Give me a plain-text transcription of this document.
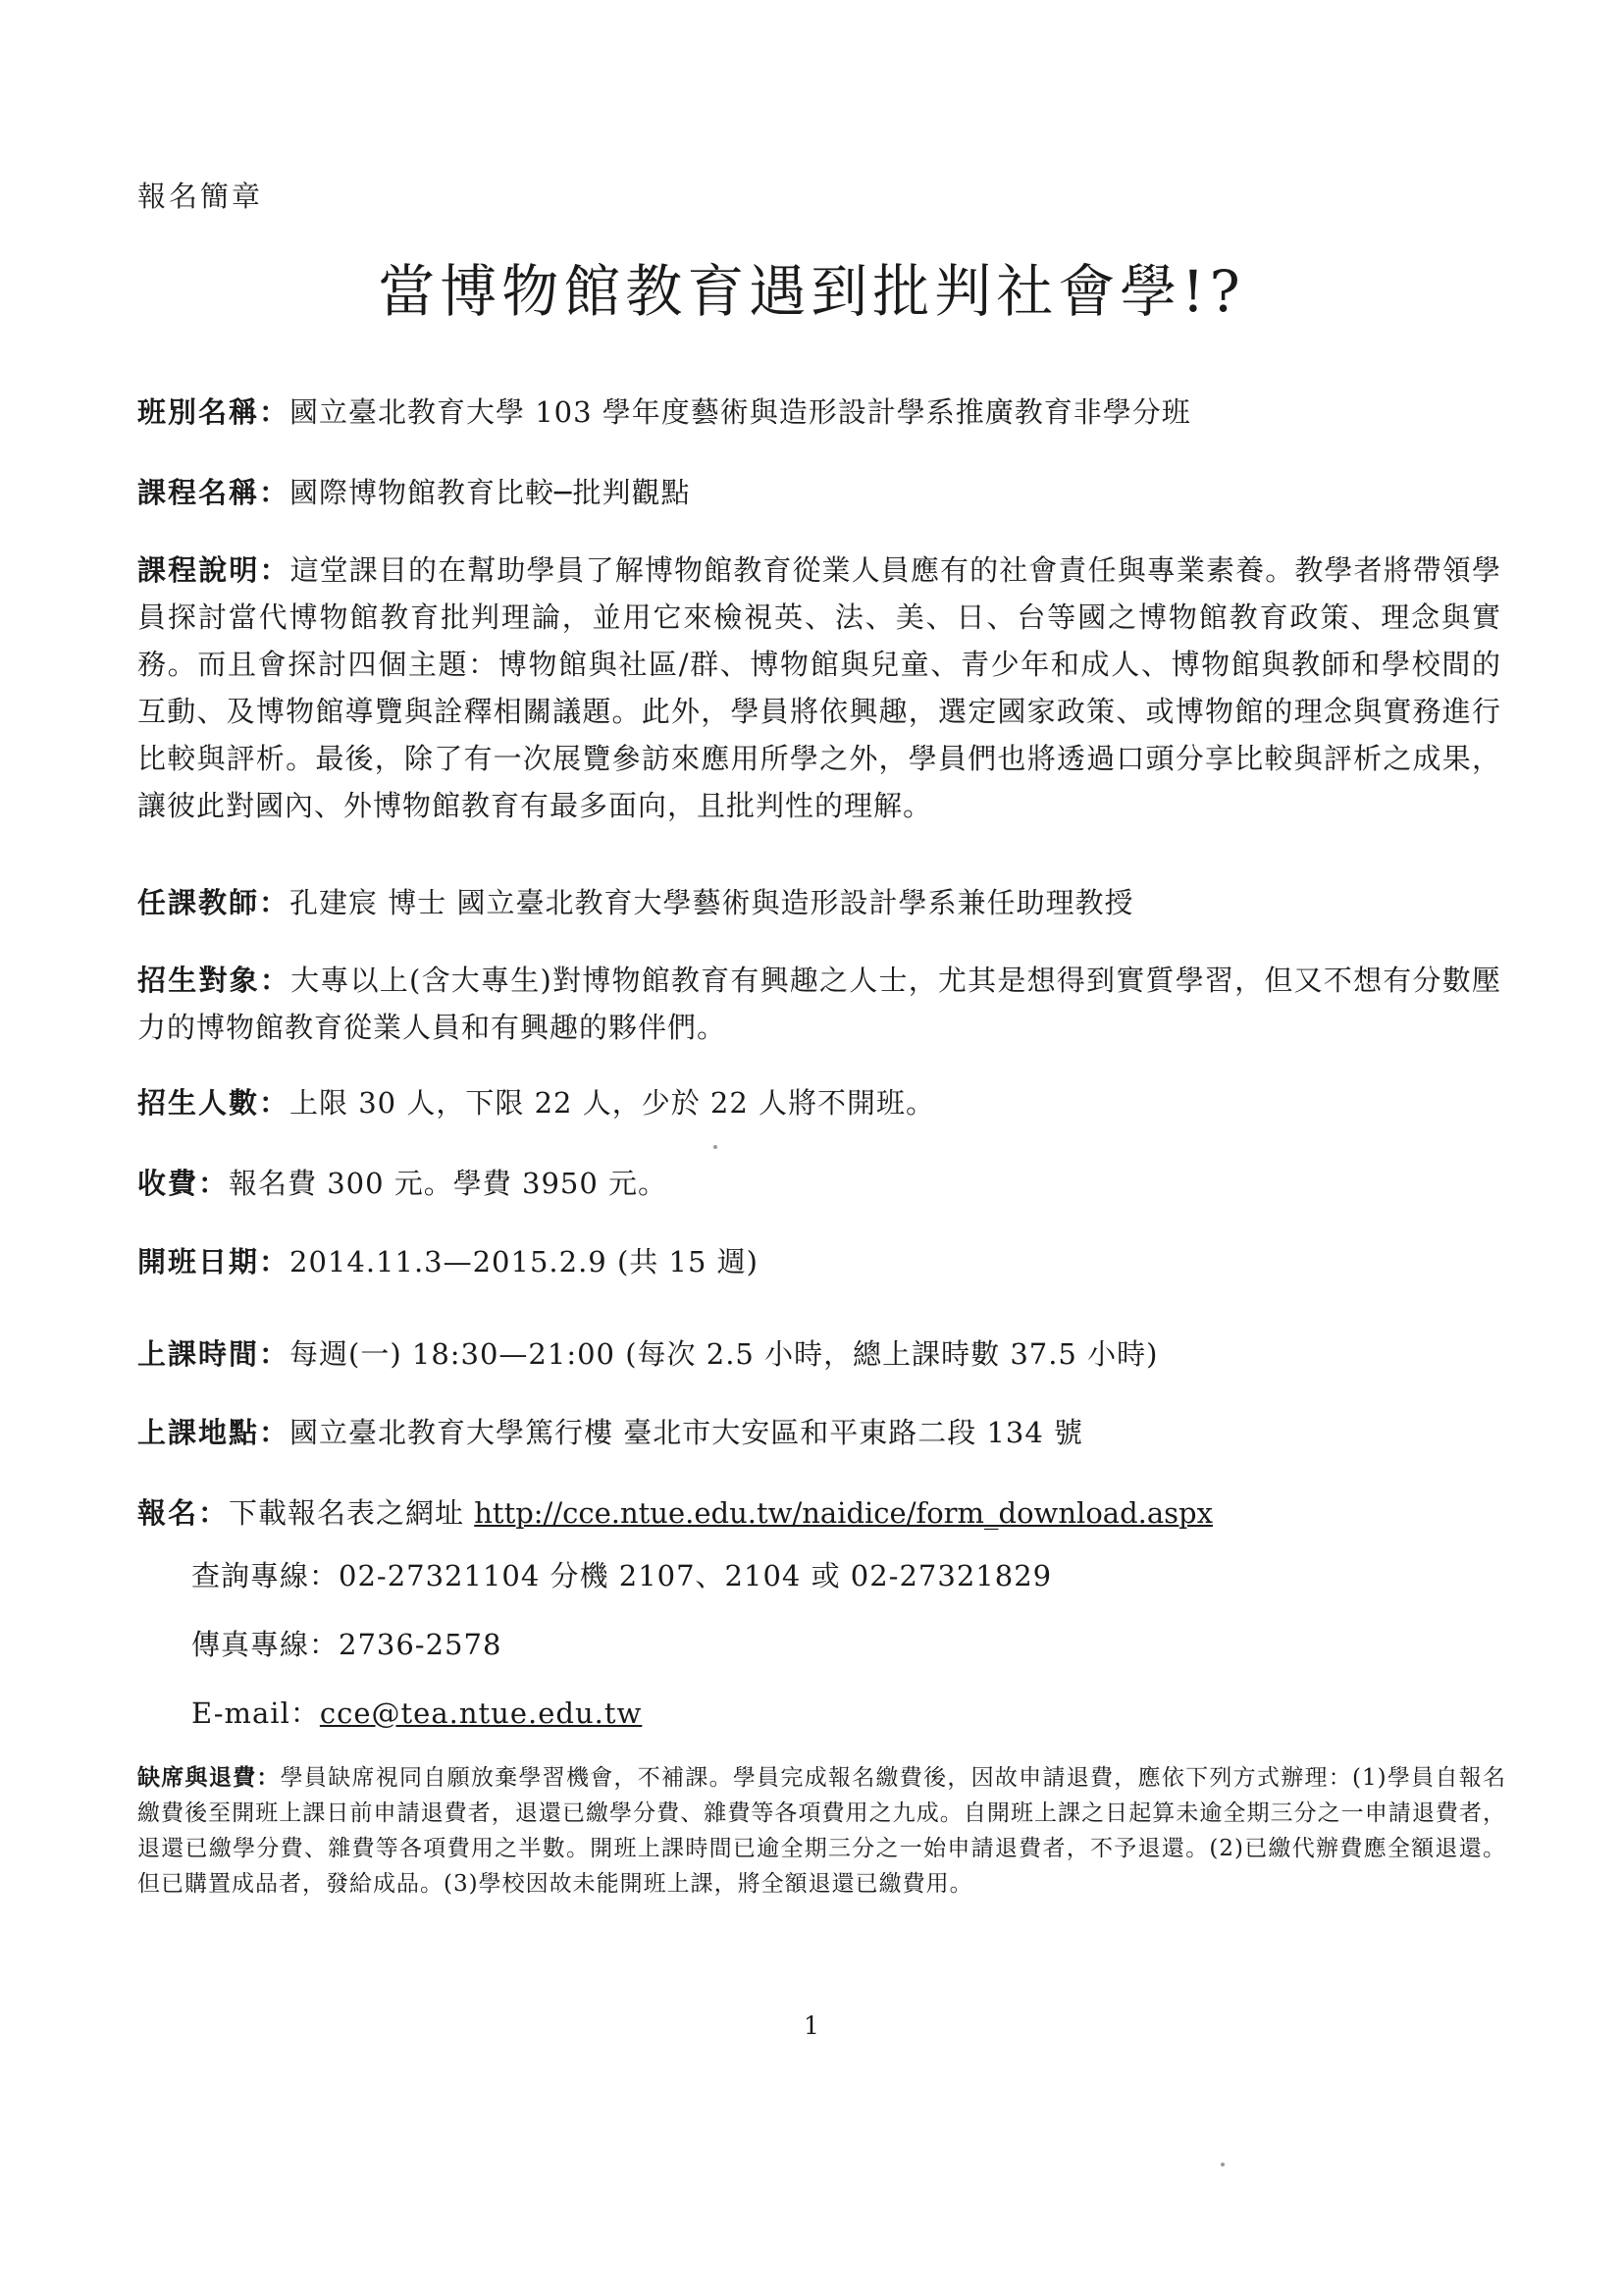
報名簡章
當博物館教育遇到批判社會學!?
班別名稱：國立臺北教育大學 103 學年度藝術與造形設計學系推廣教育非學分班
課程名稱：國際博物館教育比較─批判觀點
課程說明：這堂課目的在幫助學員了解博物館教育從業人員應有的社會責任與專業素養。教學者將帶領學員探討當代博物館教育批判理論，並用它來檢視英、法、美、日、台等國之博物館教育政策、理念與實務。而且會探討四個主題：博物館與社區/群、博物館與兒童、青少年和成人、博物館與教師和學校間的互動、及博物館導覽與詮釋相關議題。此外，學員將依興趣，選定國家政策、或博物館的理念與實務進行比較與評析。最後，除了有一次展覽參訪來應用所學之外，學員們也將透過口頭分享比較與評析之成果，讓彼此對國內、外博物館教育有最多面向，且批判性的理解。
任課教師：孔建宸 博士 國立臺北教育大學藝術與造形設計學系兼任助理教授
招生對象：大專以上(含大專生)對博物館教育有興趣之人士，尤其是想得到實質學習，但又不想有分數壓力的博物館教育從業人員和有興趣的夥伴們。
招生人數：上限 30 人，下限 22 人，少於 22 人將不開班。
收費：報名費 300 元。學費 3950 元。
開班日期：2014.11.3—2015.2.9 (共 15 週)
上課時間：每週(一) 18:30—21:00 (每次 2.5 小時，總上課時數 37.5 小時)
上課地點：國立臺北教育大學篤行樓 臺北市大安區和平東路二段 134 號
報名：下載報名表之網址 http://cce.ntue.edu.tw/naidice/form_download.aspx
查詢專線：02-27321104 分機 2107、2104 或 02-27321829
傳真專線：2736-2578
E-mail：cce@tea.ntue.edu.tw
缺席與退費：學員缺席視同自願放棄學習機會，不補課。學員完成報名繳費後，因故申請退費，應依下列方式辦理：(1)學員自報名繳費後至開班上課日前申請退費者，退還已繳學分費、雜費等各項費用之九成。自開班上課之日起算未逾全期三分之一申請退費者，退還已繳學分費、雜費等各項費用之半數。開班上課時間已逾全期三分之一始申請退費者，不予退還。(2)已繳代辦費應全額退還。但已購置成品者，發給成品。(3)學校因故未能開班上課，將全額退還已繳費用。
1
